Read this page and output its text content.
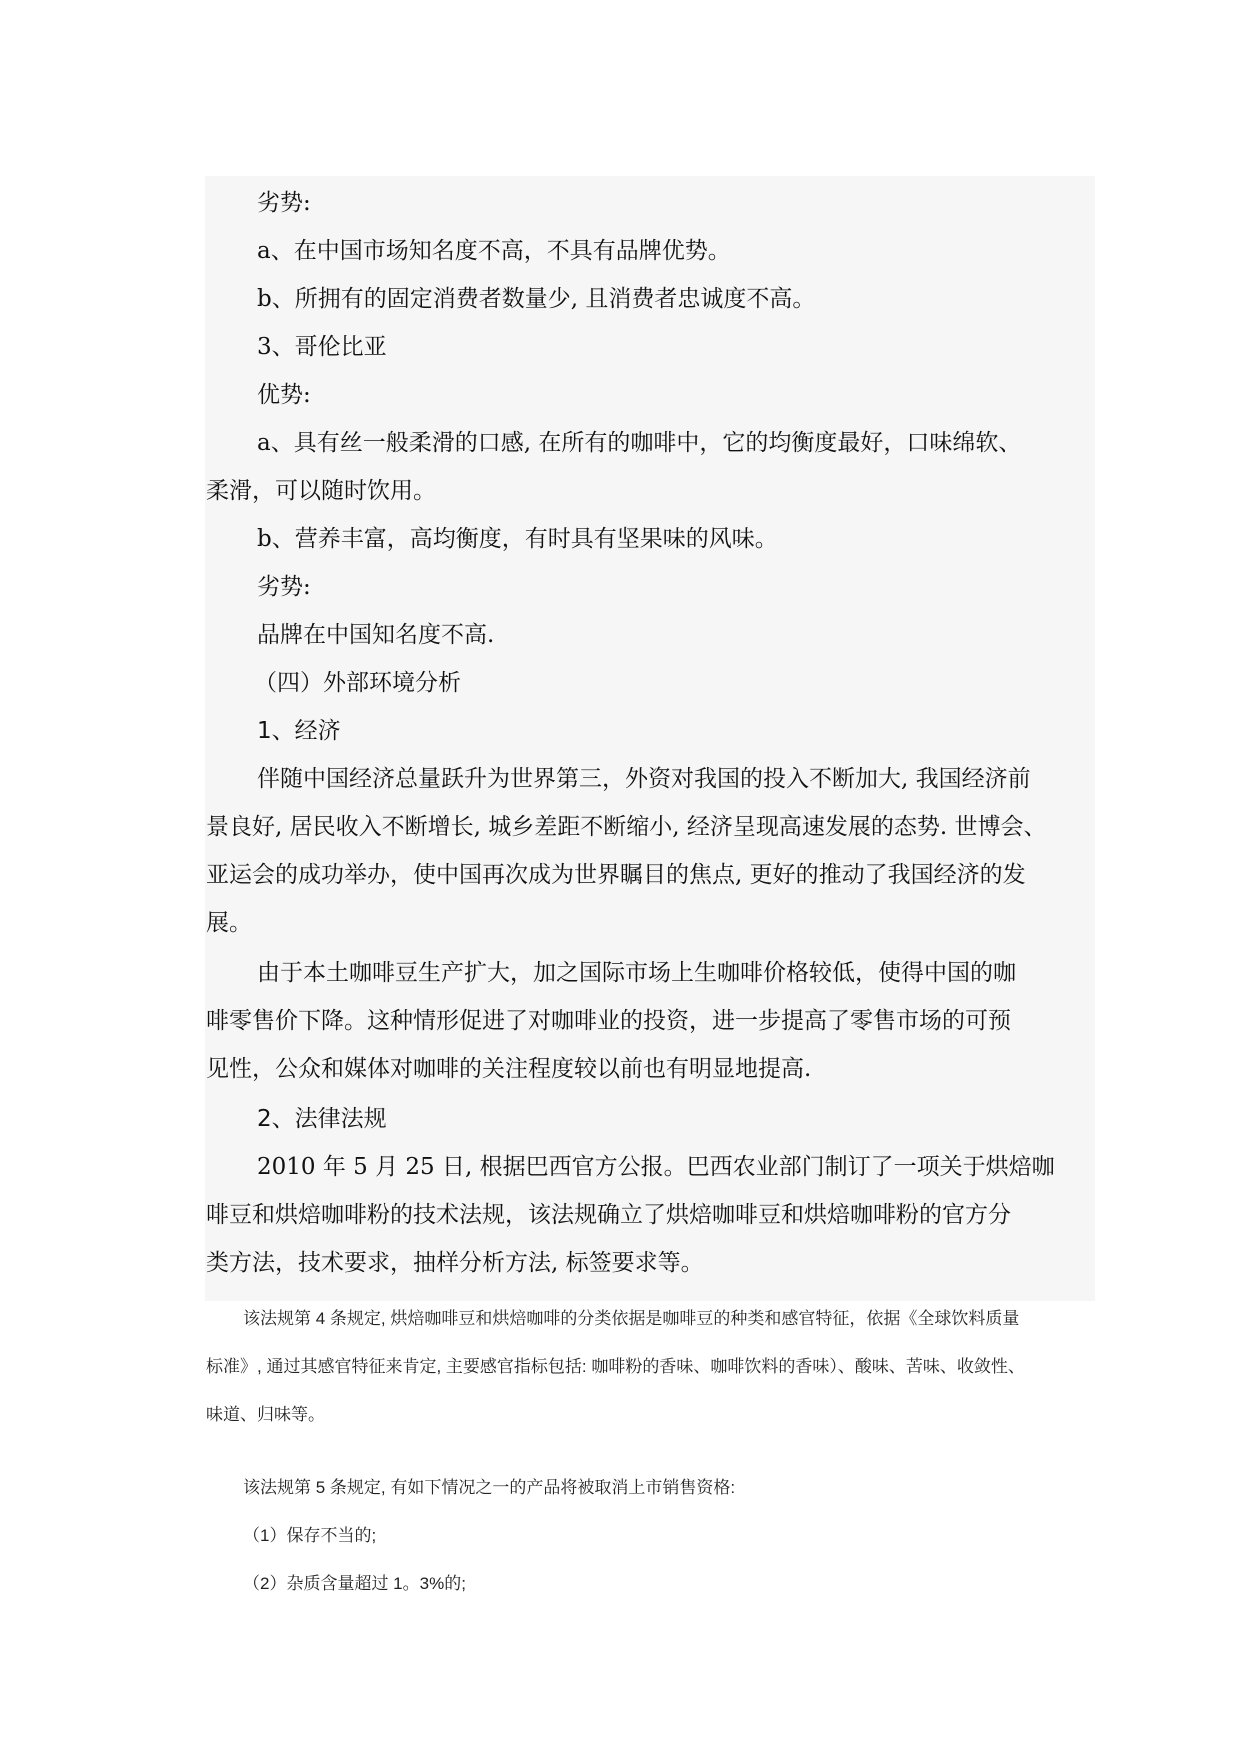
劣势:
a、在中国市场知名度不高，不具有品牌优势。
b、所拥有的固定消费者数量少, 且消费者忠诚度不高。
3、哥伦比亚
优势:
a、具有丝一般柔滑的口感, 在所有的咖啡中，它的均衡度最好，口味绵软、
柔滑，可以随时饮用。
b、营养丰富，高均衡度，有时具有坚果味的风味。
劣势:
品牌在中国知名度不高.
（四）外部环境分析
1、经济
伴随中国经济总量跃升为世界第三，外资对我国的投入不断加大, 我国经济前
景良好, 居民收入不断增长, 城乡差距不断缩小, 经济呈现高速发展的态势. 世博会、
亚运会的成功举办，使中国再次成为世界瞩目的焦点, 更好的推动了我国经济的发
展。
由于本土咖啡豆生产扩大，加之国际市场上生咖啡价格较低，使得中国的咖
啡零售价下降。这种情形促进了对咖啡业的投资，进一步提高了零售市场的可预
见性，公众和媒体对咖啡的关注程度较以前也有明显地提高.
2、法律法规
2010 年 5 月 25 日, 根据巴西官方公报。巴西农业部门制订了一项关于烘焙咖
啡豆和烘焙咖啡粉的技术法规，该法规确立了烘焙咖啡豆和烘焙咖啡粉的官方分
类方法，技术要求，抽样分析方法, 标签要求等。
该法规第 4 条规定, 烘焙咖啡豆和烘焙咖啡的分类依据是咖啡豆的种类和感官特征，依据《全球饮料质量
标准》, 通过其感官特征来肯定, 主要感官指标包括: 咖啡粉的香味、咖啡饮料的香味）、酸味、苦味、收敛性、
味道、归味等。
该法规第 5 条规定, 有如下情况之一的产品将被取消上市销售资格:
（1）保存不当的;
（2）杂质含量超过 1。3%的;
